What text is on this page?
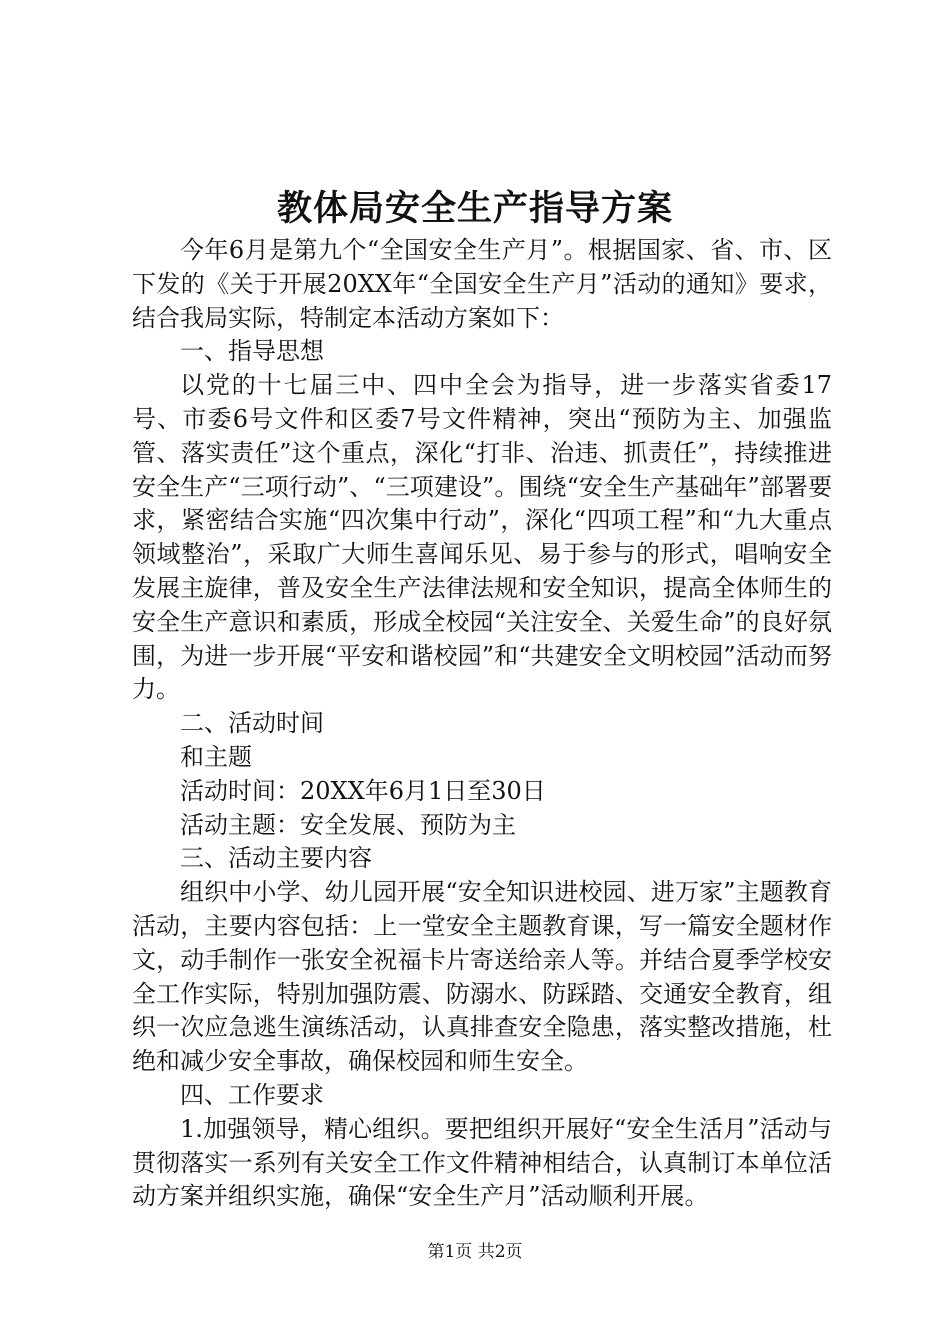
教体局安全生产指导方案

今年6月是第九个“全国安全生产月”。根据国家、省、市、区下发的《关于开展20XX年“全国安全生产月”活动的通知》要求，结合我局实际，特制定本活动方案如下：

一、指导思想

以党的十七届三中、四中全会为指导，进一步落实省委17号、市委6号文件和区委7号文件精神，突出“预防为主、加强监管、落实责任”这个重点，深化“打非、治违、抓责任”，持续推进安全生产“三项行动”、“三项建设”。围绕“安全生产基础年”部署要求，紧密结合实施“四次集中行动”，深化“四项工程”和“九大重点领域整治”，采取广大师生喜闻乐见、易于参与的形式，唱响安全发展主旋律，普及安全生产法律法规和安全知识，提高全体师生的安全生产意识和素质，形成全校园“关注安全、关爱生命”的良好氛围，为进一步开展“平安和谐校园”和“共建安全文明校园”活动而努力。

二、活动时间

和主题

活动时间：20XX年6月1日至30日

活动主题：安全发展、预防为主

三、活动主要内容

组织中小学、幼儿园开展“安全知识进校园、进万家”主题教育活动，主要内容包括：上一堂安全主题教育课，写一篇安全题材作文，动手制作一张安全祝福卡片寄送给亲人等。并结合夏季学校安全工作实际，特别加强防震、防溺水、防踩踏、交通安全教育，组织一次应急逃生演练活动，认真排查安全隐患，落实整改措施，杜绝和减少安全事故，确保校园和师生安全。

四、工作要求

1.加强领导，精心组织。要把组织开展好“安全生活月”活动与贯彻落实一系列有关安全工作文件精神相结合，认真制订本单位活动方案并组织实施，确保“安全生产月”活动顺利开展。

第1页 共2页
